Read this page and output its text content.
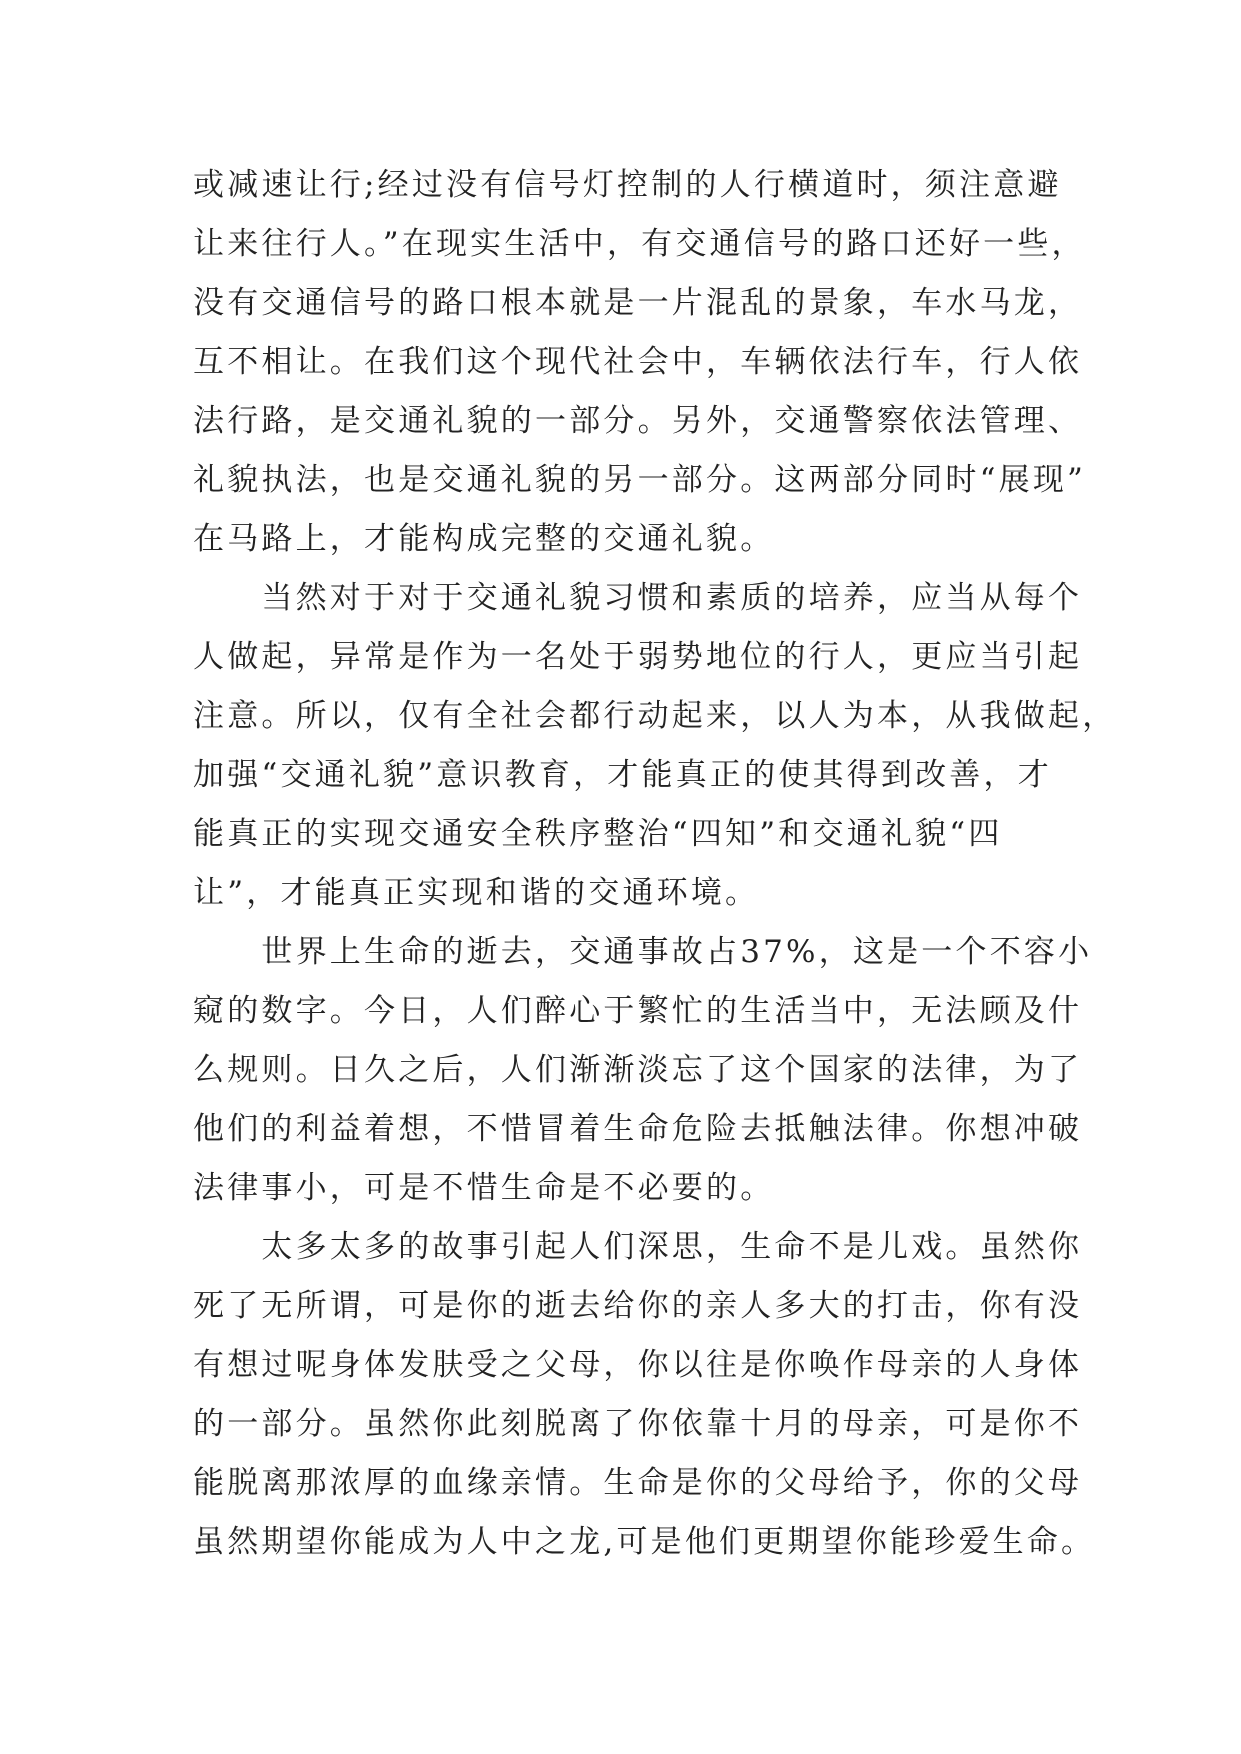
或减速让行;经过没有信号灯控制的人行横道时，须注意避

让来往行人。”在现实生活中，有交通信号的路口还好一些，

没有交通信号的路口根本就是一片混乱的景象，车水马龙，

互不相让。在我们这个现代社会中，车辆依法行车，行人依

法行路，是交通礼貌的一部分。另外，交通警察依法管理、

礼貌执法，也是交通礼貌的另一部分。这两部分同时“展现”

在马路上，才能构成完整的交通礼貌。

　　当然对于对于交通礼貌习惯和素质的培养，应当从每个

人做起，异常是作为一名处于弱势地位的行人，更应当引起

注意。所以，仅有全社会都行动起来，以人为本，从我做起，

加强“交通礼貌”意识教育，才能真正的使其得到改善，才

能真正的实现交通安全秩序整治“四知”和交通礼貌“四

让”，才能真正实现和谐的交通环境。

　　世界上生命的逝去，交通事故占37%，这是一个不容小

窥的数字。今日，人们醉心于繁忙的生活当中，无法顾及什

么规则。日久之后，人们渐渐淡忘了这个国家的法律，为了

他们的利益着想，不惜冒着生命危险去抵触法律。你想冲破

法律事小，可是不惜生命是不必要的。

　　太多太多的故事引起人们深思，生命不是儿戏。虽然你

死了无所谓，可是你的逝去给你的亲人多大的打击，你有没

有想过呢身体发肤受之父母，你以往是你唤作母亲的人身体

的一部分。虽然你此刻脱离了你依靠十月的母亲，可是你不

能脱离那浓厚的血缘亲情。生命是你的父母给予，你的父母

虽然期望你能成为人中之龙,可是他们更期望你能珍爱生命。
